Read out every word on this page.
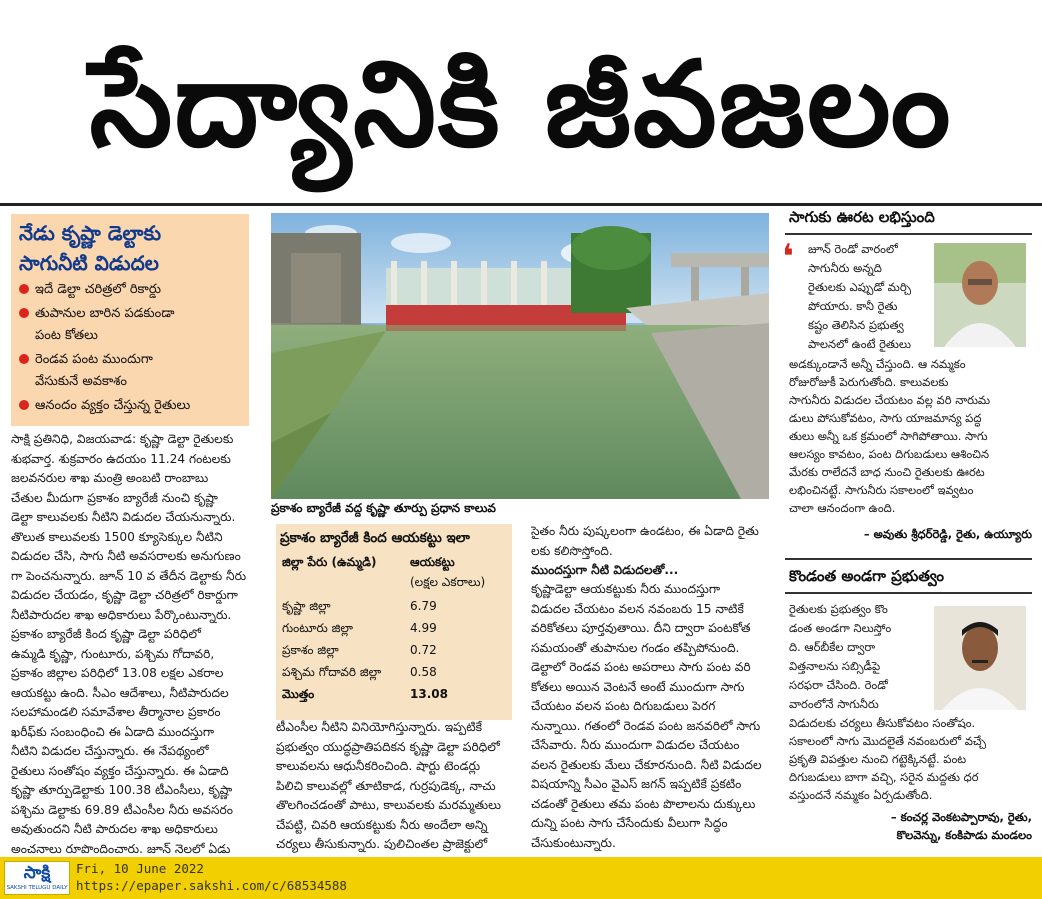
సేద్యానికి జీవజలం
నేడు కృష్ణా డెల్టాకు
సాగునీటి విడుదల
ఇదే డెల్టా చరిత్రలో రికార్డు
తుపానుల బారిన పడకుండా
పంట కోతలు
రెండవ పంట ముందుగా
వేసుకునే అవకాశం
ఆనందం వ్యక్తం చేస్తున్న రైతులు
సాక్షి ప్రతినిధి, విజయవాడ: కృష్ణా డెల్టా రైతులకు
శుభవార్త. శుక్రవారం ఉదయం 11.24 గంటలకు
జలవనరుల శాఖ మంత్రి అంబటి రాంబాబు
చేతుల మీదుగా ప్రకాశం బ్యారేజీ నుంచి కృష్ణా
డెల్టా కాలువలకు నీటిని విడుదల చేయనున్నారు.
తొలుత కాలువలకు 1500 క్యూసెక్కుల నీటిని
విడుదల చేసి, సాగు నీటి అవసరాలకు అనుగుణం
గా పెంచనున్నారు. జూన్ 10 వ తేదీన డెల్టాకు నీరు
విడుదల చేయడం, కృష్ణా డెల్టా చరిత్రలో రికార్డుగా
నీటిపారుదల శాఖ అధికారులు పేర్కొంటున్నారు.
ప్రకాశం బ్యారేజీ కింద కృష్ణా డెల్టా పరిధిలో
ఉమ్మడి కృష్ణా, గుంటూరు, పశ్చిమ గోదావరి,
ప్రకాశం జిల్లాల పరిధిలో 13.08 లక్షల ఎకరాల
ఆయకట్టు ఉంది. సీఎం ఆదేశాలు, నీటిపారుదల
సలహామండలి సమావేశాల తీర్మానాల ప్రకారం
ఖరీఫ్‌కు సంబంధించి ఈ ఏడాది ముందస్తుగా
నీటిని విడుదల చేస్తున్నారు. ఈ నేపథ్యంలో
రైతులు సంతోషం వ్యక్తం చేస్తున్నారు. ఈ ఏడాది
కృష్ణా తూర్పుడెల్టాకు 100.38 టీఎంసీలు, కృష్ణా
పశ్చిమ డెల్టాకు 69.89 టీఎంసీల నీరు అవసరం
అవుతుందని నీటి పారుదల శాఖ అధికారులు
అంచనాలు రూపొందించారు. జూన్ నెలలో ఏడు
ప్రకాశం బ్యారేజీ వద్ద కృష్ణా తూర్పు ప్రధాన కాలువ
ప్రకాశం బ్యారేజీ కింద ఆయకట్టు ఇలా
జిల్లా పేరు (ఉమ్మడి)	ఆయకట్టు
(లక్షల ఎకరాలు)
కృష్ణా జిల్లా	6.79
గుంటూరు జిల్లా	4.99
ప్రకాశం జిల్లా	0.72
పశ్చిమ గోదావరి జిల్లా 0.58
మొత్తం	13.08
టీఎంసీల నీటిని వినియోగిస్తున్నారు. ఇప్పటికే
ప్రభుత్వం యుద్ధప్రాతిపదికన కృష్ణా డెల్టా పరిధిలో
కాలువలను ఆధునీకరించింది. షార్టు టెండర్లు
పిలిచి కాలువల్లో తూటికాడ, గుర్రపుడెక్క, నాచు
తొలగించడంతో పాటు, కాలువలకు మరమ్మతులు
చేపట్టి, చివరి ఆయకట్టుకు నీరు అందేలా అన్ని
చర్యలు తీసుకున్నారు. పులిచింతల ప్రాజెక్టులో
సైతం నీరు పుష్కలంగా ఉండటం, ఈ ఏడాది రైతు
లకు కలిసొస్తోంది.
ముందస్తుగా నీటి విడుదలతో...
కృష్ణాడెల్టా ఆయకట్టుకు నీరు ముందస్తుగా
విడుదల చేయటం వలన నవంబరు 15 నాటికే
వరికోతలు పూర్తవుతాయి. దీని ద్వారా పంటకోత
సమయంతో తుపానుల గండం తప్పిపోనుంది.
డెల్టాలో రెండవ పంట అపరాలు సాగు పంట వరి
కోతలు అయిన వెంటనే అంటే ముందుగా సాగు
చేయటం వలన పంట దిగుబడులు పెరగ
నున్నాయి. గతంలో రెండవ పంట జనవరిలో సాగు
చేసేవారు. నీరు ముందుగా విడుదల చేయటం
వలన రైతులకు మేలు చేకూరనుంది. నీటి విడుదల
విషయాన్ని సీఎం వైఎస్ జగన్ ఇప్పటికే ప్రకటిం
చడంతో రైతులు తమ పంట పొలాలను దుక్కులు
దున్ని పంట సాగు చేసేందుకు వీలుగా సిద్ధం
చేసుకుంటున్నారు.
సాగుకు ఊరట లభిస్తుంది
❛	జూన్ రెండో వారంలో
సాగునీరు అన్నది
రైతులకు ఎప్పుడో మర్చి
పోయారు. కానీ రైతు
కష్టం తెలిసిన ప్రభుత్వ
పాలనలో ఉంటే రైతులు
అడక్కుండానే అన్నీ చేస్తుంది. ఆ నమ్మకం
రోజురోజుకీ పెరుగుతోంది. కాలువలకు
సాగునీరు విడుదల చేయటం వల్ల వరి నారుమ
డులు పోసుకోవటం, సాగు యాజమాన్య పద్ధ
తులు అన్నీ ఒక క్రమంలో సాగిపోతాయి. సాగు
ఆలస్యం కావటం, పంట దిగుబడులు ఆశించిన
మేరకు రాలేదనే బాధ నుంచి రైతులకు ఊరట
లభించినట్టే. సాగునీరు సకాలంలో ఇవ్వటం
చాలా ఆనందంగా ఉంది.
– అవుతు శ్రీధర్‌రెడ్డి, రైతు, ఉయ్యూరు
కొండంత అండగా ప్రభుత్వం
రైతులకు ప్రభుత్వం కొం
డంత అండగా నిలుస్తోం
ది. ఆర్‌బీకేల ద్వారా
విత్తనాలను సబ్సిడీపై
సరఫరా చేసింది. రెండో
వారంలోనే సాగునీరు
విడుదలకు చర్యలు తీసుకోవటం సంతోషం.
సకాలంలో సాగు మొదలైతే నవంబరులో వచ్చే
ప్రకృతి విపత్తుల నుంచి గట్టెక్కినట్టే. పంట
దిగుబడులు బాగా వచ్చి, సరైన మద్దతు ధర
వస్తుందనే నమ్మకం ఏర్పడుతోంది.
– కంచర్ల వెంకటప్పారావు, రైతు,
కొలవెన్ను, కంకిపాడు మండలం
సాక్షి
SAKSHI TELUGU DAILY
Fri, 10 June 2022
https://epaper.sakshi.com/c/68534588
